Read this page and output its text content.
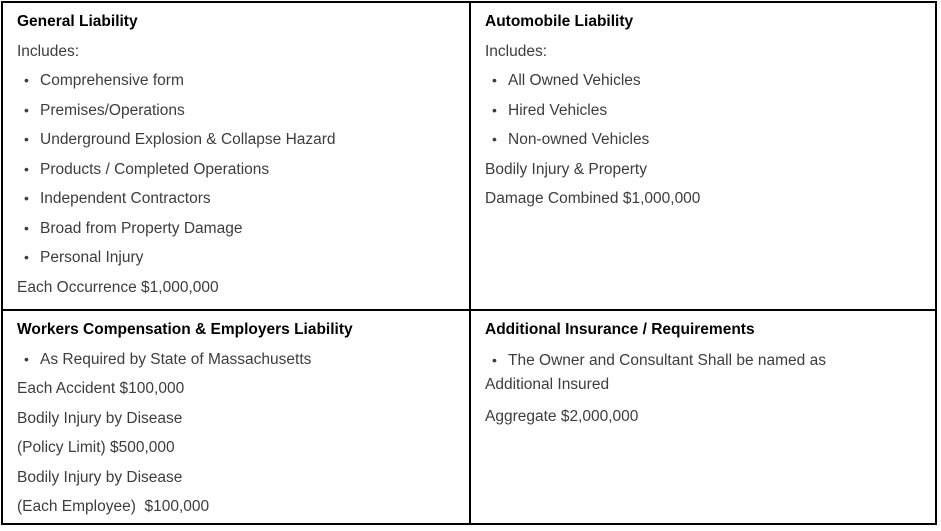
General Liability
Includes:
• Comprehensive form
• Premises/Operations
• Underground Explosion & Collapse Hazard
• Products / Completed Operations
• Independent Contractors
• Broad from Property Damage
• Personal Injury
Each Occurrence $1,000,000
Automobile Liability
Includes:
• All Owned Vehicles
• Hired Vehicles
• Non-owned Vehicles
Bodily Injury & Property
Damage Combined $1,000,000
Workers Compensation & Employers Liability
• As Required by State of Massachusetts
Each Accident $100,000
Bodily Injury by Disease
(Policy Limit) $500,000
Bodily Injury by Disease
(Each Employee)  $100,000
Additional Insurance / Requirements
• The Owner and Consultant Shall be named as Additional Insured
Aggregate $2,000,000
